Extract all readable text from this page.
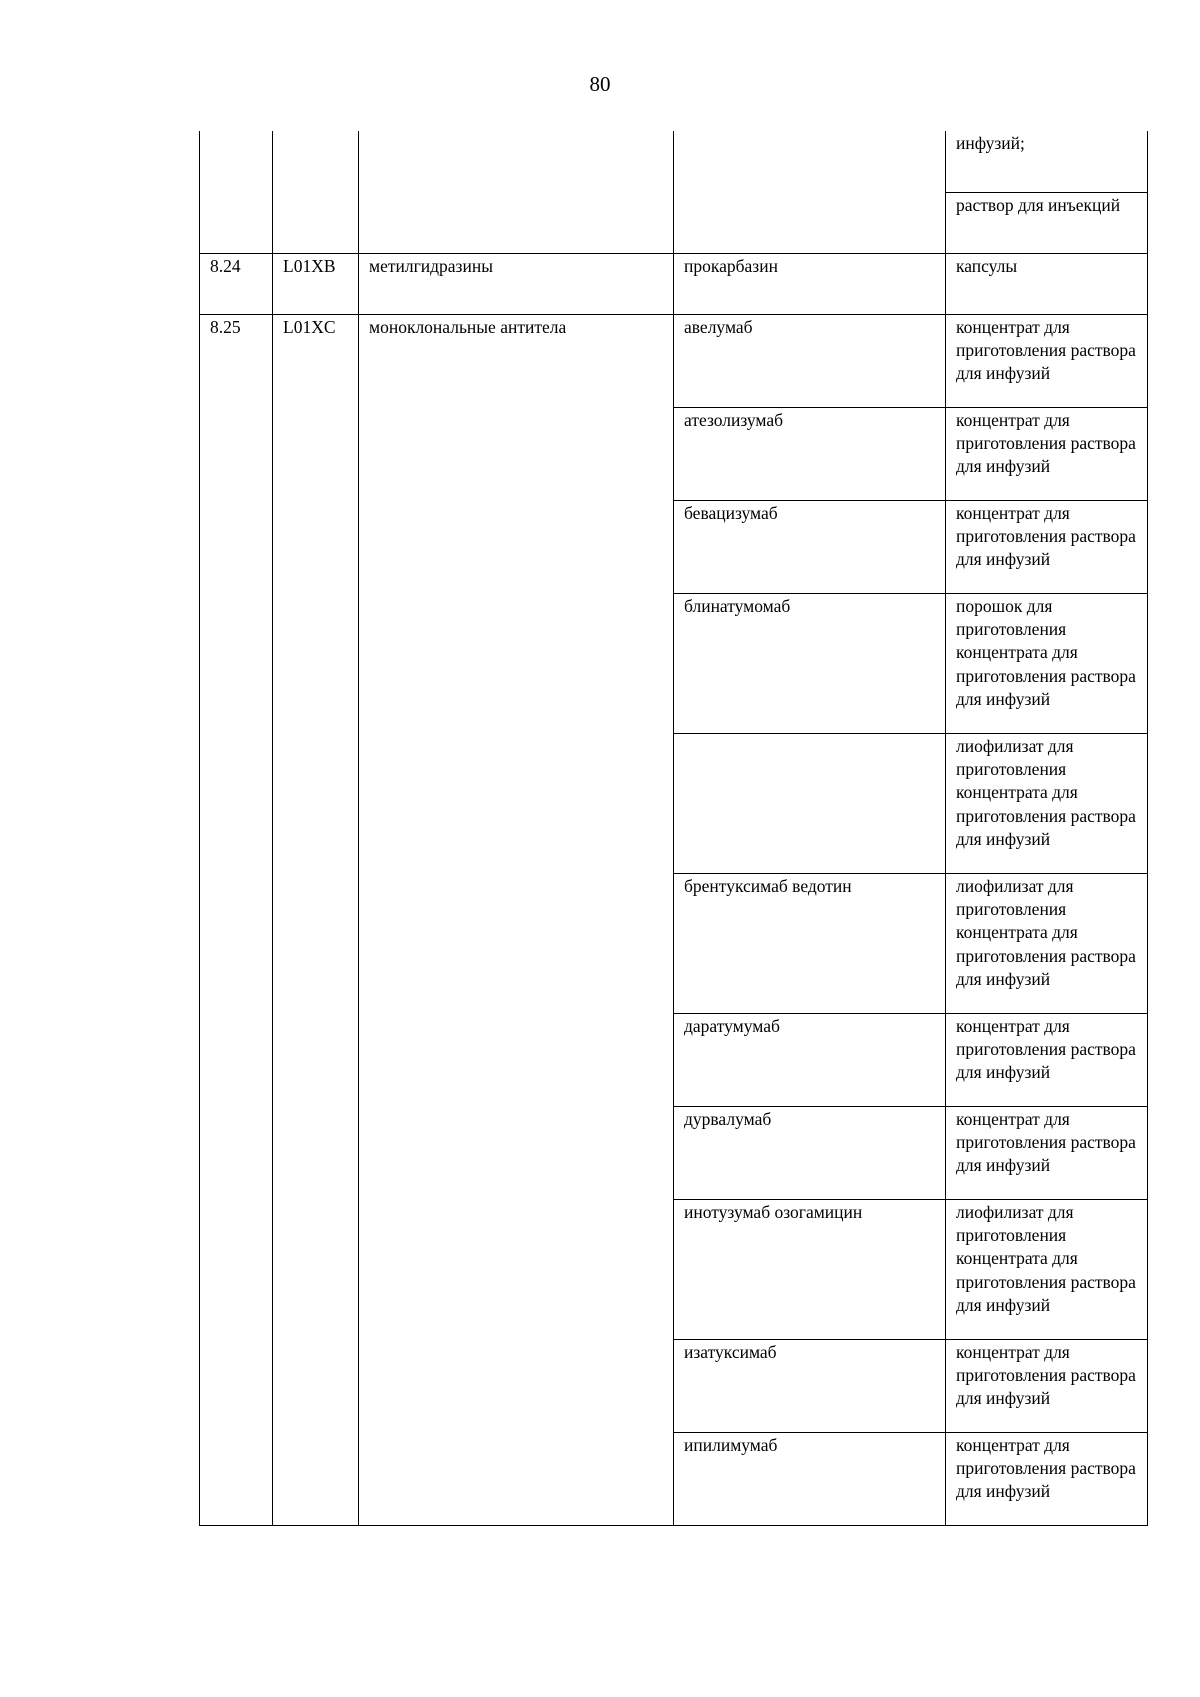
80
				инфузий;

				раствор для инъекций

8.24	L01XB	метилгидразины	прокарбазин	капсулы
8.25	L01XC	моноклональные антитела	авелумаб	концентрат для приготовления раствора для инфузий
			атезолизумаб	концентрат для приготовления раствора для инфузий
			бевацизумаб	концентрат для приготовления раствора для инфузий
			блинатумомаб	порошок для приготовления концентрата для приготовления раствора для инфузий
				лиофилизат для приготовления концентрата для приготовления раствора для инфузий
			брентуксимаб ведотин	лиофилизат для приготовления концентрата для приготовления раствора для инфузий
			даратумумаб	концентрат для приготовления раствора для инфузий
			дурвалумаб	концентрат для приготовления раствора для инфузий
			инотузумаб озогамицин	лиофилизат для приготовления концентрата для приготовления раствора для инфузий
			изатуксимаб	концентрат для приготовления раствора для инфузий
			ипилимумаб	концентрат для приготовления раствора для инфузий
